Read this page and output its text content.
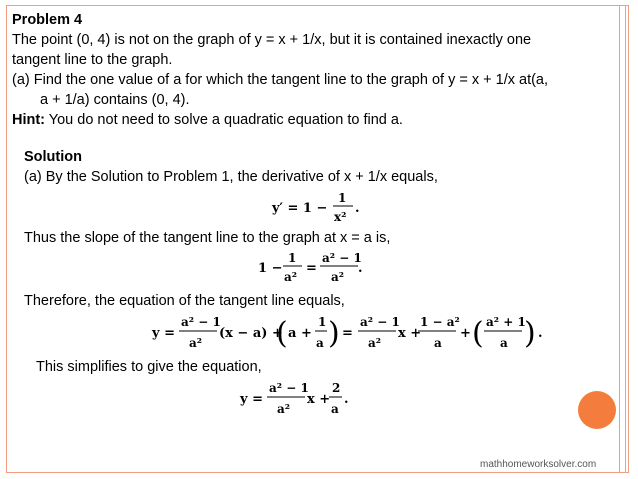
Problem 4
The point (0, 4) is not on the graph of y = x + 1/x, but it is contained inexactly one
tangent line to the graph.
(a) Find the one value of a for which the tangent line to the graph of y = x + 1/x at(a,
a + 1/a) contains (0, 4).
Hint: You do not need to solve a quadratic equation to find a.
Solution
(a) By the Solution to Problem 1, the derivative of x + 1/x equals,
y′ = 1 −
1
x²
.
Thus the slope of the tangent line to the graph at x = a is,
1 −
1
a²
=
a² − 1
a²
.
Therefore, the equation of the tangent line equals,
y =
a² − 1
a²
(x − a) +
( a +
1
a ) =
a² − 1
a²
x +
1 − a²
a
+ ( a² + 1
a ) .
This simplifies to give the equation,
y =
a² − 1
a²
x +
2
a
.
mathhomeworksolver.com
